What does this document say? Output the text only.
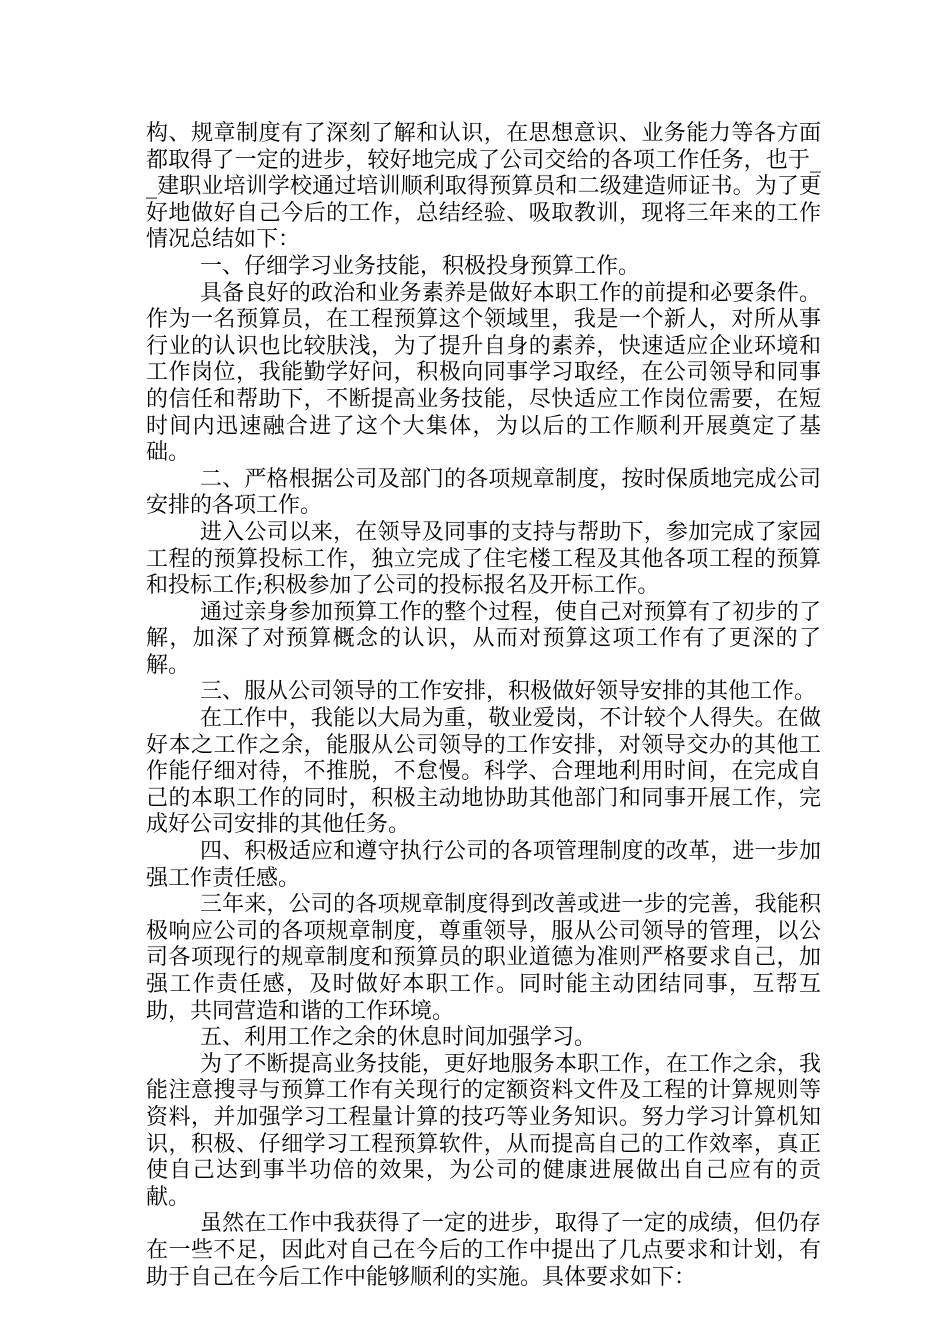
构、规章制度有了深刻了解和认识，在思想意识、业务能力等各方面都取得了一定的进步，较好地完成了公司交给的各项工作任务，也于__建职业培训学校通过培训顺利取得预算员和二级建造师证书。为了更好地做好自己今后的工作，总结经验、吸取教训，现将三年来的工作情况总结如下：

一、仔细学习业务技能，积极投身预算工作。

具备良好的政治和业务素养是做好本职工作的前提和必要条件。作为一名预算员，在工程预算这个领域里，我是一个新人，对所从事行业的认识也比较肤浅，为了提升自身的素养，快速适应企业环境和工作岗位，我能勤学好问，积极向同事学习取经，在公司领导和同事的信任和帮助下，不断提高业务技能，尽快适应工作岗位需要，在短时间内迅速融合进了这个大集体，为以后的工作顺利开展奠定了基础。

二、严格根据公司及部门的各项规章制度，按时保质地完成公司安排的各项工作。

进入公司以来，在领导及同事的支持与帮助下，参加完成了家园工程的预算投标工作，独立完成了住宅楼工程及其他各项工程的预算和投标工作;积极参加了公司的投标报名及开标工作。

通过亲身参加预算工作的整个过程，使自己对预算有了初步的了解，加深了对预算概念的认识，从而对预算这项工作有了更深的了解。

三、服从公司领导的工作安排，积极做好领导安排的其他工作。

在工作中，我能以大局为重，敬业爱岗，不计较个人得失。在做好本之工作之余，能服从公司领导的工作安排，对领导交办的其他工作能仔细对待，不推脱，不怠慢。科学、合理地利用时间，在完成自己的本职工作的同时，积极主动地协助其他部门和同事开展工作，完成好公司安排的其他任务。

四、积极适应和遵守执行公司的各项管理制度的改革，进一步加强工作责任感。

三年来，公司的各项规章制度得到改善或进一步的完善，我能积极响应公司的各项规章制度，尊重领导，服从公司领导的管理，以公司各项现行的规章制度和预算员的职业道德为准则严格要求自己，加强工作责任感，及时做好本职工作。同时能主动团结同事，互帮互助，共同营造和谐的工作环境。

五、利用工作之余的休息时间加强学习。

为了不断提高业务技能，更好地服务本职工作，在工作之余，我能注意搜寻与预算工作有关现行的定额资料文件及工程的计算规则等资料，并加强学习工程量计算的技巧等业务知识。努力学习计算机知识，积极、仔细学习工程预算软件，从而提高自己的工作效率，真正使自己达到事半功倍的效果，为公司的健康进展做出自己应有的贡献。

虽然在工作中我获得了一定的进步，取得了一定的成绩，但仍存在一些不足，因此对自己在今后的工作中提出了几点要求和计划，有助于自己在今后工作中能够顺利的实施。具体要求如下：
